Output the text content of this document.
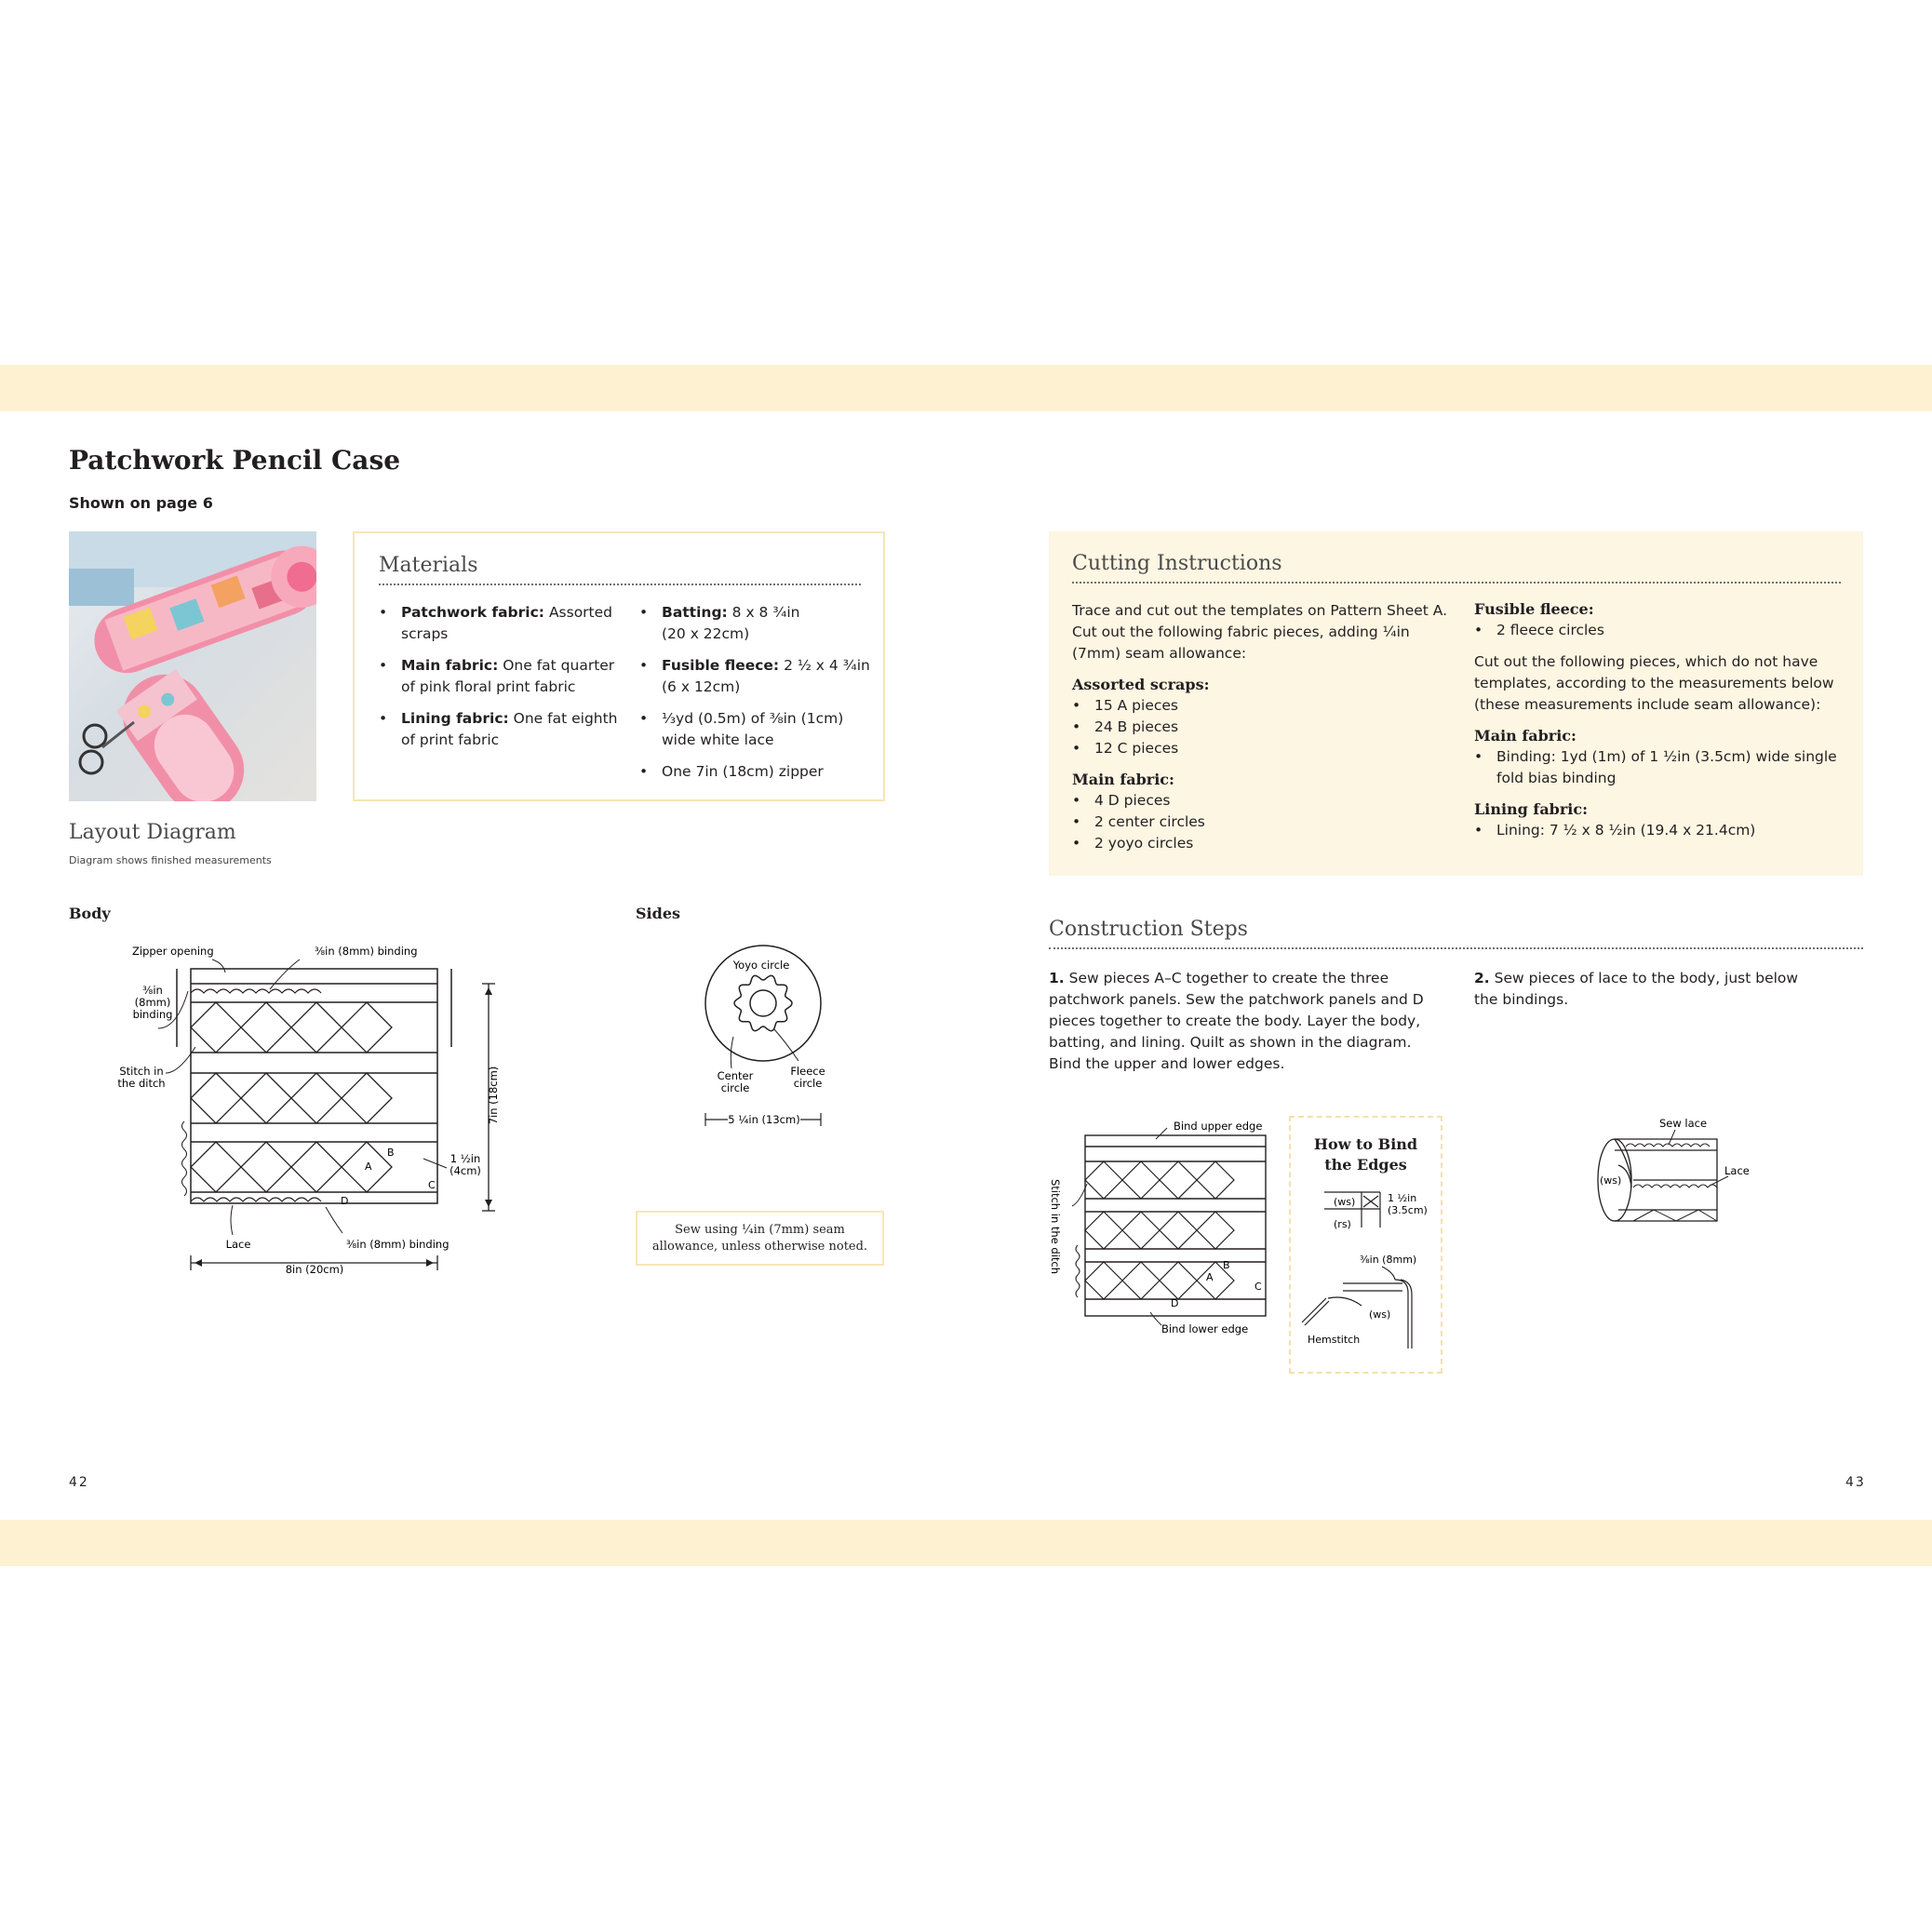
Patchwork Pencil Case
Shown on page 6
Materials
• Patchwork fabric: Assorted scraps
• Main fabric: One fat quarter
of pink floral print fabric
• Lining fabric: One fat eighth
of print fabric
• Batting: 8 x 8 ¾in
(20 x 22cm)
• Fusible fleece: 2 ½ x 4 ¾in
(6 x 12cm)
• ⅓yd (0.5m) of ⅜in (1cm)
wide white lace
• One 7in (18cm) zipper
Layout Diagram
Diagram shows finished measurements
Body	Sides
Zipper opening	⅜in (8mm) binding
⅜in
(8mm)
binding
Stitch in
the ditch	7in (18cm)
1 ½in
(4cm)
A
B
C
D
Lace	⅜in (8mm) binding
8in (20cm)
Yoyo circle
Center
circle
Fleece
circle
5 ¼in (13cm)
Sew using ¼in (7mm) seam
allowance, unless otherwise noted.
Cutting Instructions
Trace and cut out the templates on Pattern Sheet A.
Cut out the following fabric pieces, adding ¼in
(7mm) seam allowance:
Assorted scraps:
• 15 A pieces
• 24 B pieces
• 12 C pieces
Main fabric:
• 4 D pieces
• 2 center circles
• 2 yoyo circles
Fusible fleece:
• 2 fleece circles
Cut out the following pieces, which do not have
templates, according to the measurements below
(these measurements include seam allowance):
Main fabric:
• Binding: 1yd (1m) of 1 ½in (3.5cm) wide single
fold bias binding
Lining fabric:
• Lining: 7 ½ x 8 ½in (19.4 x 21.4cm)
Construction Steps
1. Sew pieces A–C together to create the three
patchwork panels. Sew the patchwork panels and D
pieces together to create the body. Layer the body,
batting, and lining. Quilt as shown in the diagram.
Bind the upper and lower edges.
2. Sew pieces of lace to the body, just below
the bindings.
Bind upper edge
Bind lower edge
Stitch in the ditch
A
B
C
D
How to Bind
the Edges
(ws)
(rs)
1 ½in
(3.5cm)
⅜in (8mm)
(ws)
Hemstitch
Sew lace
Lace
(ws)
42	43
